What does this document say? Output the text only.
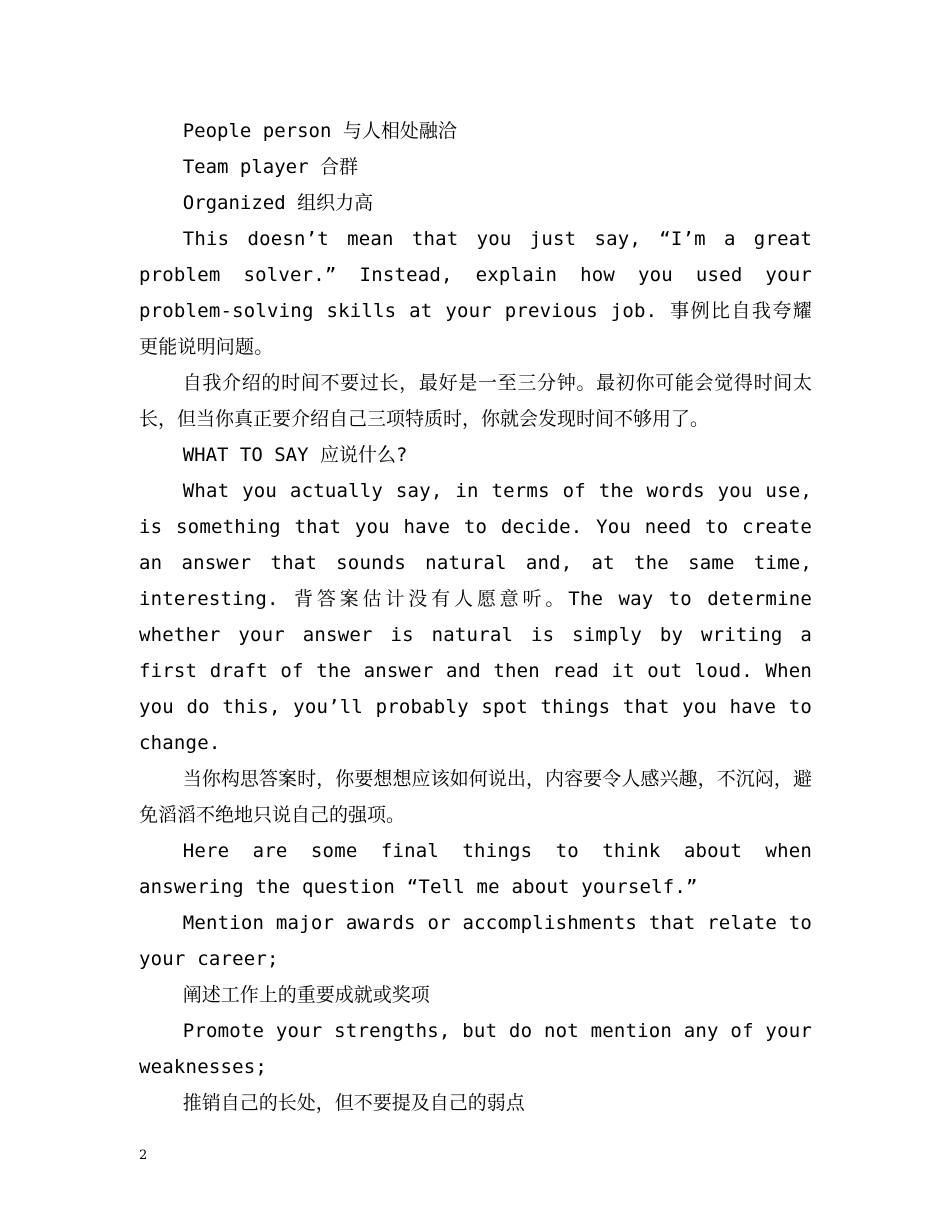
People person 与人相处融洽

Team player 合群

Organized 组织力高

This doesn’t mean that you just say, “I’m a great problem solver.” Instead, explain how you used your problem-solving skills at your previous job. 事例比自我夸耀更能说明问题。

自我介绍的时间不要过长，最好是一至三分钟。最初你可能会觉得时间太长，但当你真正要介绍自己三项特质时，你就会发现时间不够用了。

WHAT TO SAY 应说什么?

What you actually say, in terms of the words you use, is something that you have to decide. You need to create an answer that sounds natural and, at the same time, interesting. 背答案估计没有人愿意听。The way to determine whether your answer is natural is simply by writing a first draft of the answer and then read it out loud. When you do this, you’ll probably spot things that you have to change.

当你构思答案时，你要想想应该如何说出，内容要令人感兴趣，不沉闷，避免滔滔不绝地只说自己的强项。

Here are some final things to think about when answering the question “Tell me about yourself.”

Mention major awards or accomplishments that relate to your career;

阐述工作上的重要成就或奖项

Promote your strengths, but do not mention any of your weaknesses;

推销自己的长处，但不要提及自己的弱点

2
